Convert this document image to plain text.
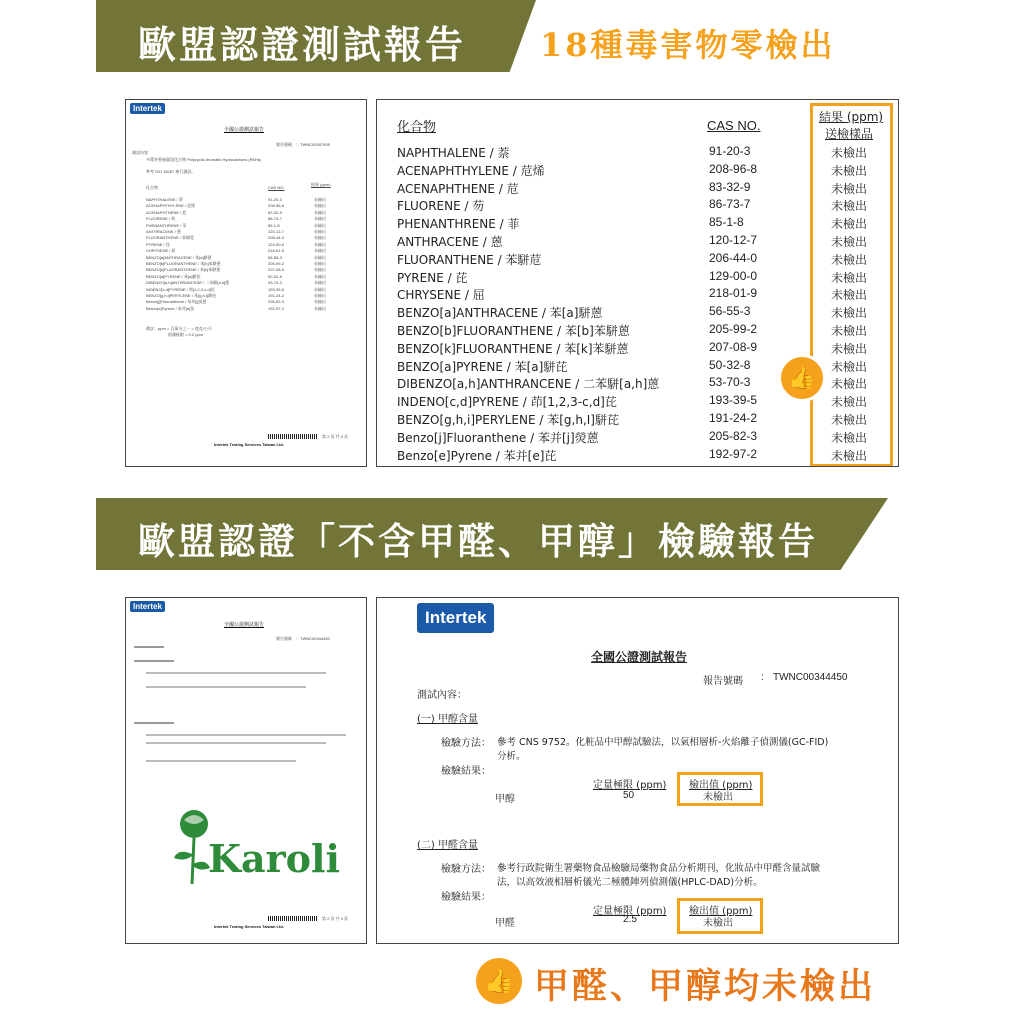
歐盟認證測試報告 18種毒害物零檢出
Intertek
全國公證測試報告
報告號碼　：TWNC00347905
測試內容：
多環芳香族碳氫化合物 Polycyclic Aromatic Hydrocarbons (PAHs)
參考 ISO 18287 進行測試。
化合物	CAS NO.
結果 (ppm)
備註：ppm = 百萬分之一 = 毫克/公斤
偵測極限 = 0.2 ppm
第 2 頁 共 4 頁
Intertek Testing Services Taiwan Ltd.
NAPHTHALENE / 萘	91-20-3	未檢出
ACENAPHTHYLENE / 苊烯	208-96-8	未檢出
ACENAPHTHENE / 苊	83-32-9	未檢出
FLUORENE / 芴	86-73-7	未檢出
PHENANTHRENE / 菲	85-1-8	未檢出
ANTHRACENE / 蒽	120-12-7	未檢出
FLUORANTHENE / 苯駢苊	206-44-0	未檢出
PYRENE / 芘	129-00-0	未檢出
CHRYSENE / 屈	218-01-9	未檢出
BENZO[a]ANTHRACENE / 苯[a]駢蒽	56-55-3	未檢出
BENZO[b]FLUORANTHENE / 苯[b]苯駢蒽	205-99-2	未檢出
BENZO[k]FLUORANTHENE / 苯[k]苯駢蒽	207-08-9	未檢出
BENZO[a]PYRENE / 苯[a]駢芘	50-32-8	未檢出
DIBENZO[a,h]ANTHRANCENE / 二苯駢[a,h]蒽	53-70-3	未檢出
INDENO[c,d]PYRENE / 茚[1,2,3-c,d]芘	193-39-5	未檢出
BENZO[g,h,i]PERYLENE / 苯[g,h,I]駢芘	191-24-2	未檢出
Benzo[j]Fluoranthene / 苯并[j]熒蒽	205-82-3	未檢出
Benzo[e]Pyrene / 苯并[e]芘	192-97-2	未檢出
化合物	CAS NO.
結果 (ppm)
送檢樣品
NAPHTHALENE / 萘	91-20-3	未檢出
ACENAPHTHYLENE / 苊烯	208-96-8	未檢出
ACENAPHTHENE / 苊	83-32-9	未檢出
FLUORENE / 芴	86-73-7	未檢出
PHENANTHRENE / 菲	85-1-8	未檢出
ANTHRACENE / 蒽	120-12-7	未檢出
FLUORANTHENE / 苯駢苊	206-44-0	未檢出
PYRENE / 芘	129-00-0	未檢出
CHRYSENE / 屈	218-01-9	未檢出
BENZO[a]ANTHRACENE / 苯[a]駢蒽	56-55-3	未檢出
BENZO[b]FLUORANTHENE / 苯[b]苯駢蒽	205-99-2	未檢出
BENZO[k]FLUORANTHENE / 苯[k]苯駢蒽	207-08-9	未檢出
BENZO[a]PYRENE / 苯[a]駢芘	50-32-8	未檢出
DIBENZO[a,h]ANTHRANCENE / 二苯駢[a,h]蒽	53-70-3	未檢出
INDENO[c,d]PYRENE / 茚[1,2,3-c,d]芘	193-39-5	未檢出
BENZO[g,h,i]PERYLENE / 苯[g,h,I]駢芘	191-24-2	未檢出
Benzo[j]Fluoranthene / 苯并[j]熒蒽	205-82-3	未檢出
Benzo[e]Pyrene / 苯并[e]芘	192-97-2	未檢出
👍
歐盟認證「不含甲醛、甲醇」檢驗報告
Intertek
全國公證測試報告
報告號碼　：TWNC00344450
Karoli
第 2 頁 共 4 頁
Intertek Testing Services Taiwan Ltd.
Intertek
全國公證測試報告
報告號碼 : TWNC00344450
測試內容：
(一) 甲醇含量
檢驗方法： 參考 CNS 9752。化粧品中甲醇試驗法，以氣相層析-火焰離子偵測儀(GC-FID)
分析。
檢驗結果：
定量極限 (ppm) 檢出值 (ppm)
甲醇	50	未檢出
(二) 甲醛含量
檢驗方法： 參考行政院衛生署藥物食品檢驗局藥物食品分析期刊，化妝品中甲醛含量試驗
法，以高效液相層析儀光二極體陣列偵測儀(HPLC-DAD)分析。
檢驗結果：
定量極限 (ppm) 檢出值 (ppm)
甲醛	2.5	未檢出
👍 甲醛、甲醇均未檢出
